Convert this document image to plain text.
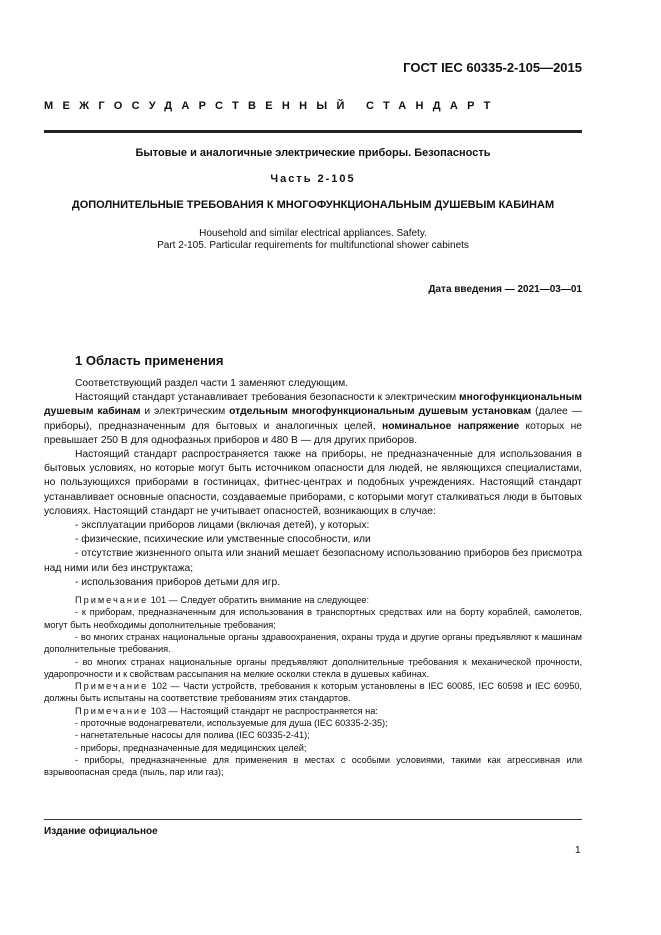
ГОСТ IEC 60335-2-105—2015
МЕЖГОСУДАРСТВЕННЫЙ СТАНДАРТ
Бытовые и аналогичные электрические приборы. Безопасность
Часть 2-105
ДОПОЛНИТЕЛЬНЫЕ ТРЕБОВАНИЯ К МНОГОФУНКЦИОНАЛЬНЫМ ДУШЕВЫМ КАБИНАМ
Household and similar electrical appliances. Safety.
Part 2-105. Particular requirements for multifunctional shower cabinets
Дата введения — 2021—03—01
1 Область применения

Соответствующий раздел части 1 заменяют следующим.

Настоящий стандарт устанавливает требования безопасности к электрическим многофункциональным душевым кабинам и электрическим отдельным многофункциональным душевым установкам (далее — приборы), предназначенным для бытовых и аналогичных целей, номинальное напряжение которых не превышает 250 В для однофазных приборов и 480 В — для других приборов.

Настоящий стандарт распространяется также на приборы, не предназначенные для использования в бытовых условиях, но которые могут быть источником опасности для людей, не являющихся специалистами, но пользующихся приборами в гостиницах, фитнес-центрах и подобных учреждениях. Настоящий стандарт устанавливает основные опасности, создаваемые приборами, с которыми могут сталкиваться люди в бытовых условиях. Настоящий стандарт не учитывает опасностей, возникающих в случае:

- эксплуатации приборов лицами (включая детей), у которых:

- физические, психические или умственные способности, или

- отсутствие жизненного опыта или знаний мешает безопасному использованию приборов без присмотра над ними или без инструктажа;

- использования приборов детьми для игр.

Примечание 101 — Следует обратить внимание на следующее:

- к приборам, предназначенным для использования в транспортных средствах или на борту кораблей, самолетов, могут быть необходимы дополнительные требования;

- во многих странах национальные органы здравоохранения, охраны труда и другие органы предъявляют к машинам дополнительные требования.

- во многих странах национальные органы предъявляют дополнительные требования к механической прочности, ударопрочности и к свойствам рассыпания на мелкие осколки стекла в душевых кабинах.

Примечание 102 — Части устройств, требования к которым установлены в IEC 60085, IEC 60598 и IEC 60950, должны быть испытаны на соответствие требованиям этих стандартов.

Примечание 103 — Настоящий стандарт не распространяется на:

- проточные водонагреватели, используемые для душа (IEC 60335-2-35);

- нагнетательные насосы для полива (IEC 60335-2-41);

- приборы, предназначенные для медицинских целей;

- приборы, предназначенные для применения в местах с особыми условиями, такими как агрессивная или взрывоопасная среда (пыль, пар или газ);

Издание официальное
1
